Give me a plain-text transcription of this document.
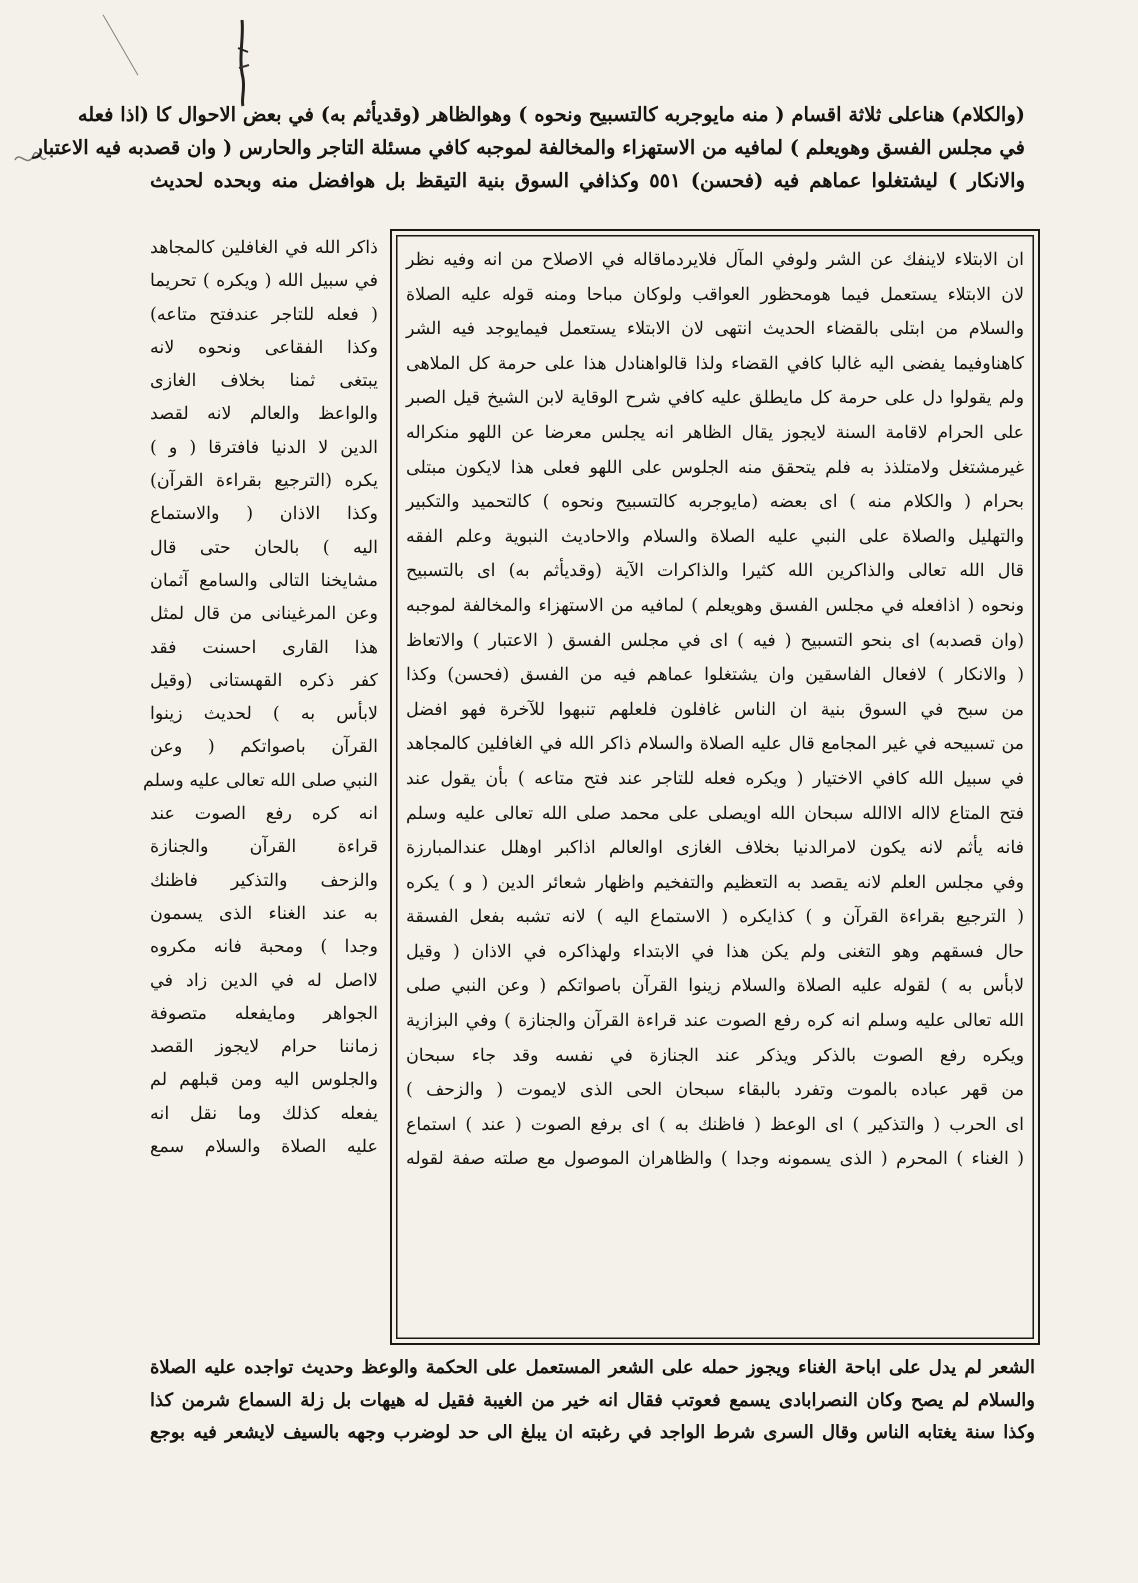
(والكلام) هناعلى ثلاثة اقسام ( منه مايوجربه كالتسبيح ونحوه ) وهوالظاهر (وقديأثم به) في بعض الاحوال كا (اذا فعله
في مجلس الفسق وهويعلم ) لمافيه من الاستهزاء والمخالفة لموجبه كافي مسئلة التاجر والحارس ( وان قصدبه فيه الاعتبار
والانكار ) ليشتغلوا عماهم فيه (فحسن) ٥٥١ وكذافي السوق بنية التيقظ بل هوافضل منه وبحده لحديث
ان الابتلاء لاينفك عن الشر ولوفي المآل فلايردماقاله في الاصلاح من انه وفيه نظر
لان الابتلاء يستعمل فيما هومحظور العواقب ولوكان مباحا ومنه قوله عليه الصلاة
والسلام من ابتلى بالقضاء الحديث انتهى لان الابتلاء يستعمل فيمايوجد فيه الشر
كاهناوفيما يفضى اليه غالبا كافي القضاء ولذا قالواهنادل هذا على حرمة كل الملاهى
ولم يقولوا دل على حرمة كل مايطلق عليه كافي شرح الوقاية لابن الشيخ قيل الصبر
على الحرام لاقامة السنة لايجوز يقال الظاهر انه يجلس معرضا عن اللهو منكراله
غيرمشتغل ولامتلذذ به فلم يتحقق منه الجلوس على اللهو فعلى هذا لايكون مبتلى
بحرام ( والكلام منه ) اى بعضه (مايوجربه كالتسبيح ونحوه ) كالتحميد والتكبير
والتهليل والصلاة على النبي عليه الصلاة والسلام والاحاديث النبوية وعلم الفقه
قال الله تعالى والذاكرين الله كثيرا والذاكرات الآية (وقديأثم به) اى بالتسبيح
ونحوه ( اذافعله في مجلس الفسق وهويعلم ) لمافيه من الاستهزاء والمخالفة لموجبه
(وان قصدبه) اى بنحو التسبيح ( فيه ) اى في مجلس الفسق ( الاعتبار ) والاتعاظ
( والانكار ) لافعال الفاسقين وان يشتغلوا عماهم فيه من الفسق (فحسن) وكذا
من سبح في السوق بنية ان الناس غافلون فلعلهم تنبهوا للآخرة فهو افضل
من تسبيحه في غير المجامع قال عليه الصلاة والسلام ذاكر الله في الغافلين كالمجاهد
في سبيل الله كافي الاختيار ( ويكره فعله للتاجر عند فتح متاعه ) بأن يقول عند
فتح المتاع لااله الاالله سبحان الله اويصلى على محمد صلى الله تعالى عليه وسلم
فانه يأثم لانه يكون لامرالدنيا بخلاف الغازى اوالعالم اذاكبر اوهلل عندالمبارزة
وفي مجلس العلم لانه يقصد به التعظيم والتفخيم واظهار شعائر الدين ( و ) يكره
( الترجيع بقراءة القرآن و ) كذايكره ( الاستماع اليه ) لانه تشبه بفعل الفسقة
حال فسقهم وهو التغنى ولم يكن هذا في الابتداء ولهذاكره في الاذان ( وقيل
لابأس به ) لقوله عليه الصلاة والسلام زينوا القرآن باصواتكم ( وعن النبي صلى
الله تعالى عليه وسلم انه كره رفع الصوت عند قراءة القرآن والجنازة ) وفي البزازية
ويكره رفع الصوت بالذكر ويذكر عند الجنازة في نفسه وقد جاء سبحان
من قهر عباده بالموت وتفرد بالبقاء سبحان الحى الذى لايموت ( والزحف )
اى الحرب ( والتذكير ) اى الوعظ ( فاظنك به ) اى برفع الصوت ( عند ) استماع
( الغناء ) المحرم ( الذى يسمونه وجدا ) والظاهران الموصول مع صلته صفة لقوله
ذاكر الله في الغافلين كالمجاهد
في سبيل الله ( ويكره ) تحريما
( فعله للتاجر عندفتح متاعه)
وكذا الفقاعى ونحوه لانه
يبتغى ثمنا بخلاف الغازى
والواعظ والعالم لانه لقصد
الدين لا الدنيا فافترقا ( و )
يكره (الترجيع بقراءة القرآن)
وكذا الاذان ( والاستماع
اليه ) بالحان حتى قال
مشايخنا التالى والسامع آثمان
وعن المرغينانى من قال لمثل
هذا القارى احسنت فقد
كفر ذكره القهستانى (وقيل
لابأس به ) لحديث زينوا
القرآن باصواتكم ( وعن
النبي صلى الله تعالى عليه وسلم
انه كره رفع الصوت عند
قراءة القرآن والجنازة
والزحف والتذكير فاظنك
به عند الغناء الذى يسمون
وجدا ) ومحبة فانه مكروه
لااصل له في الدين زاد في
الجواهر ومايفعله متصوفة
زماننا حرام لايجوز القصد
والجلوس اليه ومن قبلهم لم
يفعله كذلك وما نقل انه
عليه الصلاة والسلام سمع
الشعر لم يدل على اباحة الغناء ويجوز حمله على الشعر المستعمل على الحكمة والوعظ وحديث تواجده عليه الصلاة
والسلام لم يصح وكان النصرابادى يسمع فعوتب فقال انه خير من الغيبة فقيل له هيهات بل زلة السماع شرمن كذا
وكذا سنة يغتابه الناس وقال السرى شرط الواجد في رغبته ان يبلغ الى حد لوضرب وجهه بالسيف لايشعر فيه بوجع
